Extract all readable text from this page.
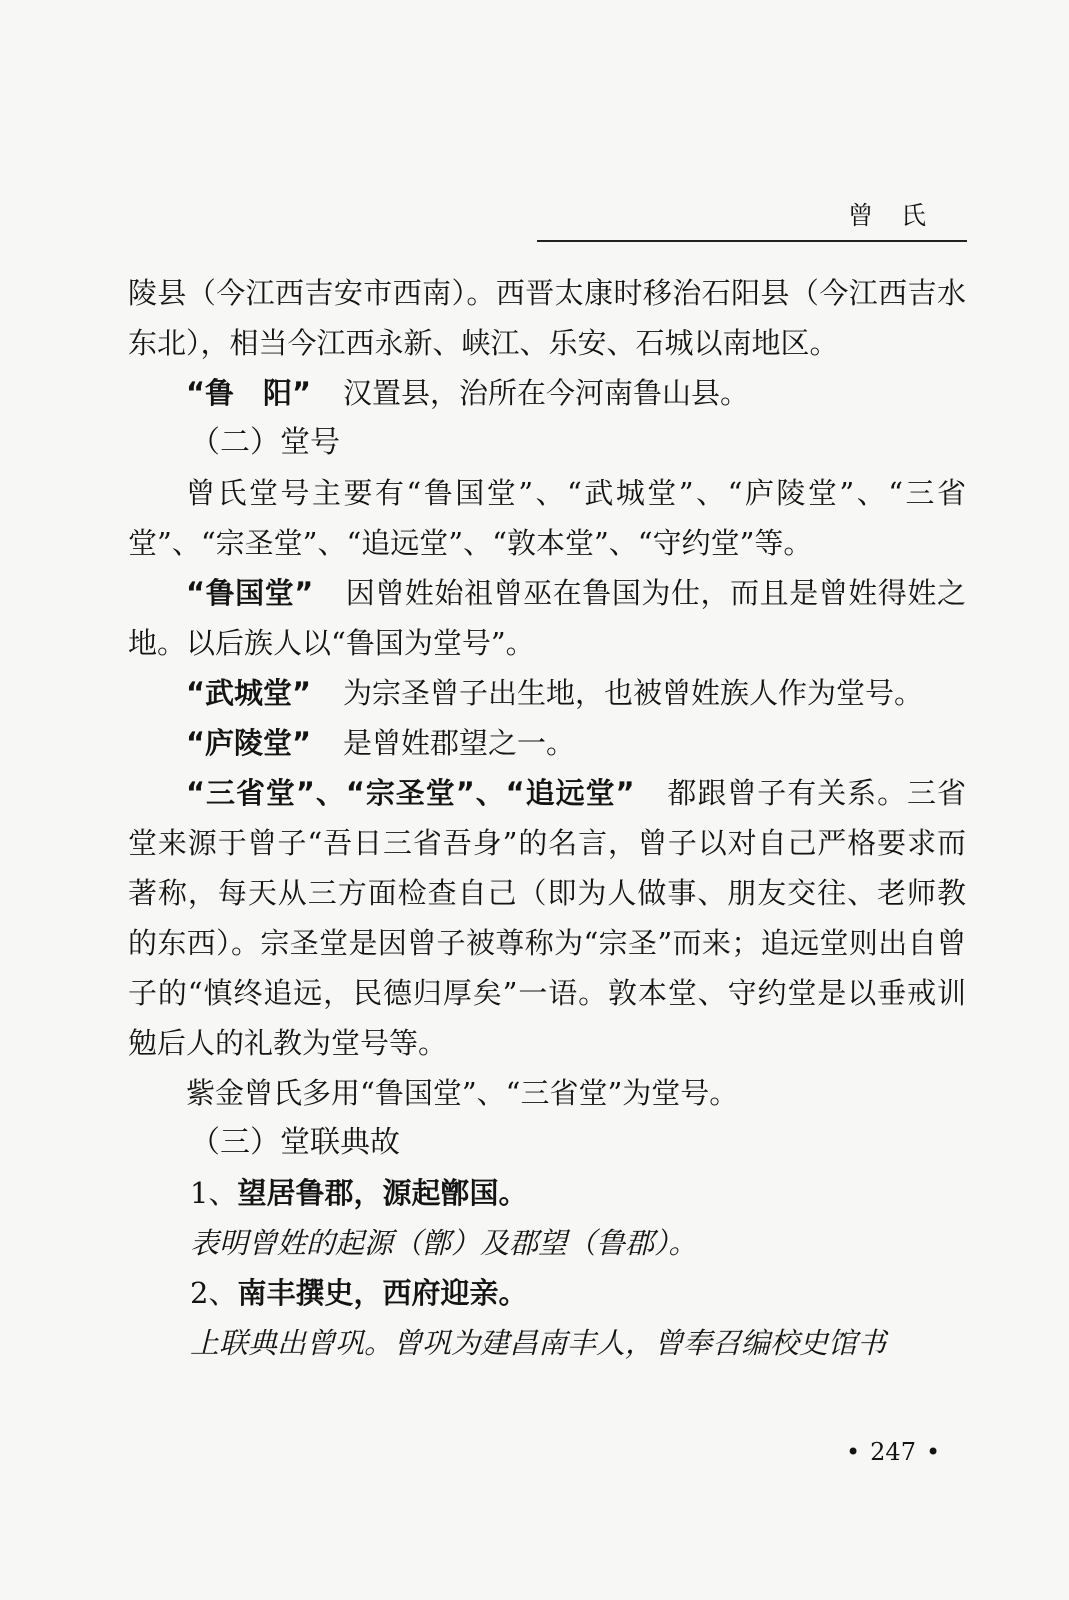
曾氏

陵县（今江西吉安市西南）。西晋太康时移治石阳县（今江西吉水东北），相当今江西永新、峡江、乐安、石城以南地区。

“鲁　阳” 汉置县，治所在今河南鲁山县。

（二）堂号

曾氏堂号主要有“鲁国堂”、“武城堂”、“庐陵堂”、“三省堂”、“宗圣堂”、“追远堂”、“敦本堂”、“守约堂”等。

“鲁国堂” 因曾姓始祖曾巫在鲁国为仕，而且是曾姓得姓之地。以后族人以“鲁国为堂号”。

“武城堂” 为宗圣曾子出生地，也被曾姓族人作为堂号。

“庐陵堂” 是曾姓郡望之一。

“三省堂”、“宗圣堂”、“追远堂” 都跟曾子有关系。三省堂来源于曾子“吾日三省吾身”的名言，曾子以对自己严格要求而著称，每天从三方面检查自己（即为人做事、朋友交往、老师教的东西）。宗圣堂是因曾子被尊称为“宗圣”而来；追远堂则出自曾子的“慎终追远，民德归厚矣”一语。敦本堂、守约堂是以垂戒训勉后人的礼教为堂号等。

紫金曾氏多用“鲁国堂”、“三省堂”为堂号。

（三）堂联典故

1、望居鲁郡，源起鄫国。

表明曾姓的起源（鄫）及郡望（鲁郡）。

2、南丰撰史，西府迎亲。

上联典出曾巩。曾巩为建昌南丰人，曾奉召编校史馆书

• 247 •
